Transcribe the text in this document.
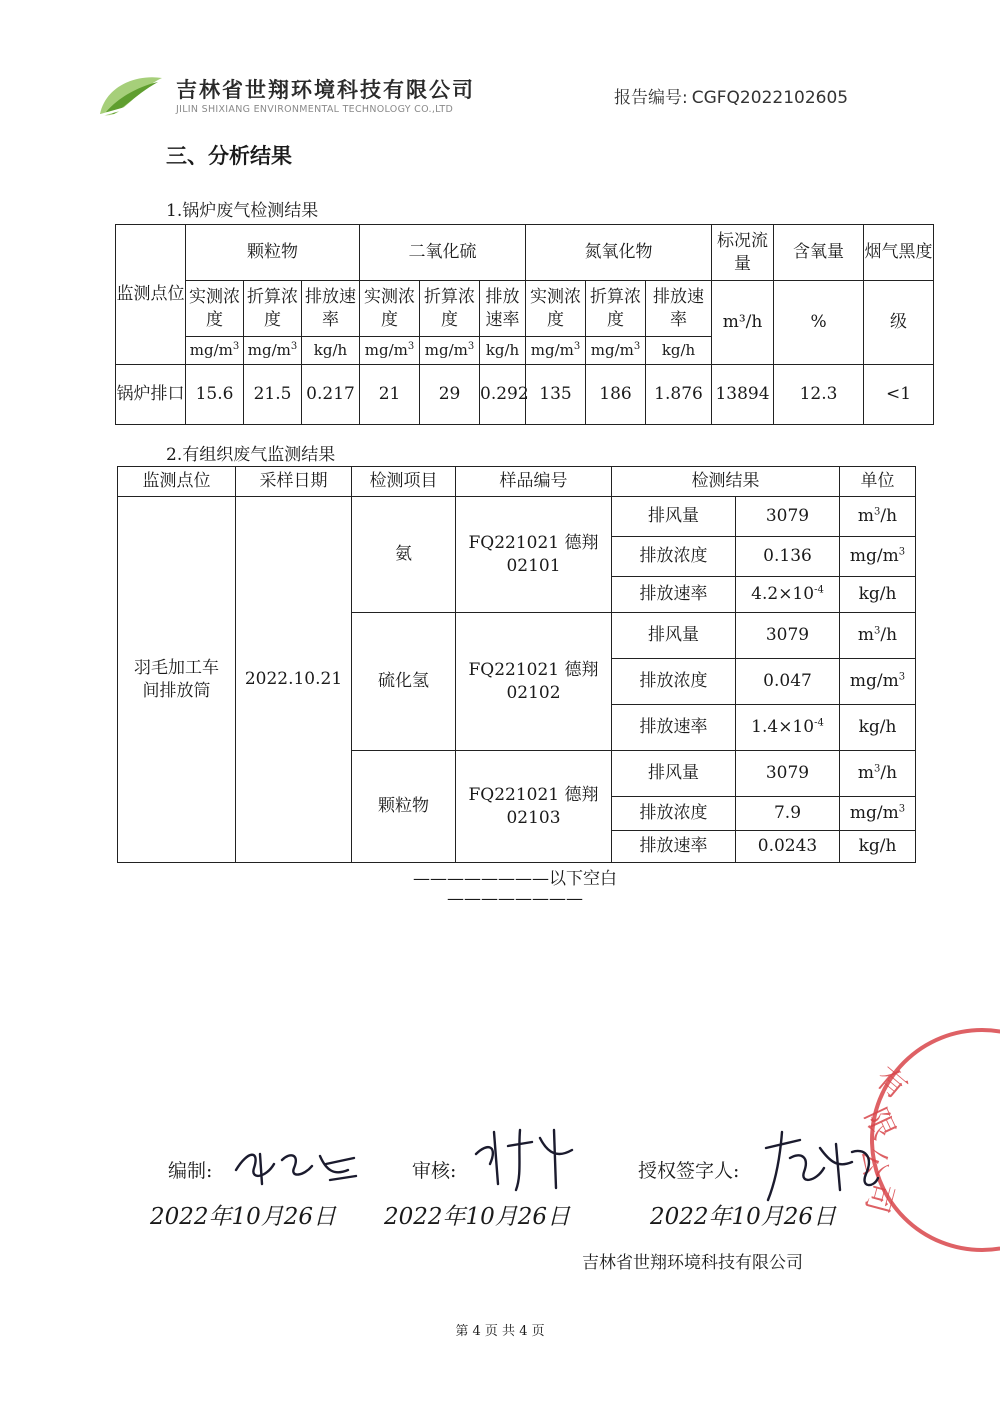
吉林省世翔环境科技有限公司
JILIN SHIXIANG ENVIRONMENTAL TECHNOLOGY CO.,LTD
报告编号: CGFQ2022102605
三、分析结果
1.锅炉废气检测结果
监测点位	颗粒物			二氧化硫			氮氧化物			标况流量	含氧量	烟气黑度
	实测浓度	折算浓度	排放速率	实测浓度	折算浓度	排放速率	实测浓度	折算浓度	排放速率	m³/h	%	级
	$mg/m^3$	$mg/m^3$	kg/h	$mg/m^3$	$mg/m^3$	kg/h	$mg/m^3$	$mg/m^3$	kg/h			
锅炉排口	15.6	21.5	0.217	21	29	0.292	135	186	1.876	13894	12.3	<1
2.有组织废气监测结果
监测点位	采样日期	检测项目	样品编号	检测结果		单位
羽毛加工车间排放筒	2022.10.21	氨	FQ221021 德翔 02101	排风量	3079	$m^3/h$
				排放浓度	0.136	$mg/m^3$
				排放速率	$4.2\times 10^{-4}$	kg/h
		硫化氢	FQ221021 德翔 02102	排风量	3079	$m^3/h$
				排放浓度	0.047	$mg/m^3$
				排放速率	$1.4\times 10^{-4}$	kg/h
		颗粒物	FQ221021 德翔 02103	排风量	3079	$m^3/h$
				排放浓度	7.9	$mg/m^3$
				排放速率	0.0243	kg/h
————————以下空白————————
有
限
公
司
编制:	审核:	授权签字人:
2022年10月26日 2022年10月26日	2022年10月26日
吉林省世翔环境科技有限公司
第 4 页 共 4 页
